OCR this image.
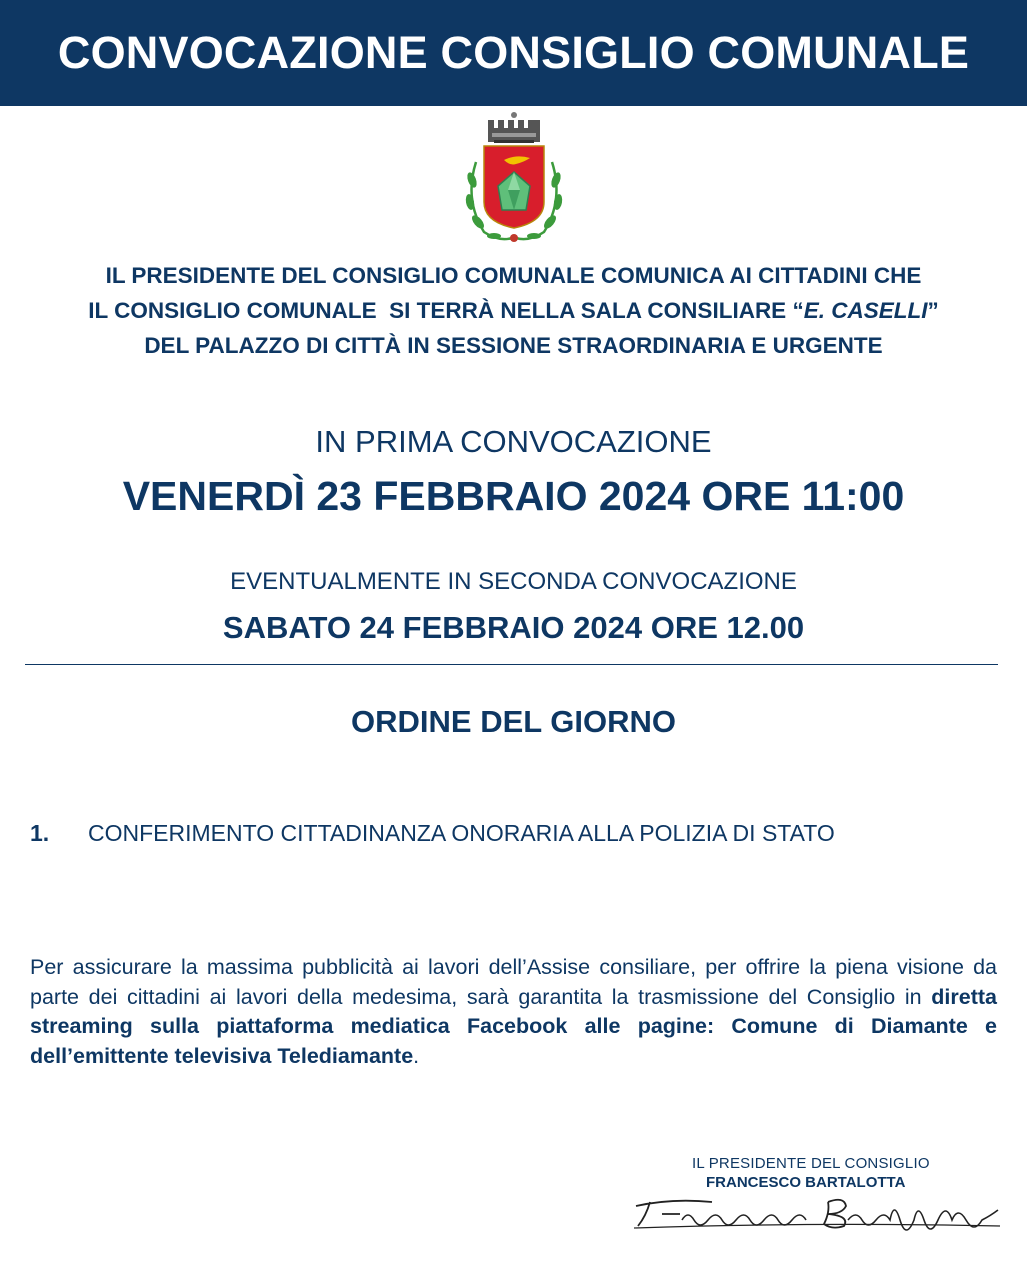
CONVOCAZIONE CONSIGLIO COMUNALE
IL PRESIDENTE DEL CONSIGLIO COMUNALE COMUNICA AI CITTADINI CHE
IL CONSIGLIO COMUNALE  SI TERRÀ NELLA SALA CONSILIARE “E. CASELLI”
DEL PALAZZO DI CITTÀ IN SESSIONE STRAORDINARIA E URGENTE
IN PRIMA CONVOCAZIONE
VENERDÌ 23 FEBBRAIO 2024 ORE 11:00
EVENTUALMENTE IN SECONDA CONVOCAZIONE
SABATO 24 FEBBRAIO 2024 ORE 12.00
ORDINE DEL GIORNO
1. CONFERIMENTO CITTADINANZA ONORARIA ALLA POLIZIA DI STATO
Per assicurare la massima pubblicità ai lavori dell’Assise consiliare, per offrire la piena visione da parte dei cittadini ai lavori della medesima, sarà garantita la trasmissione del Consiglio in diretta streaming sulla piattaforma mediatica Facebook alle pagine: Comune di Diamante e dell’emittente televisiva Telediamante.
IL PRESIDENTE DEL CONSIGLIO
FRANCESCO BARTALOTTA
